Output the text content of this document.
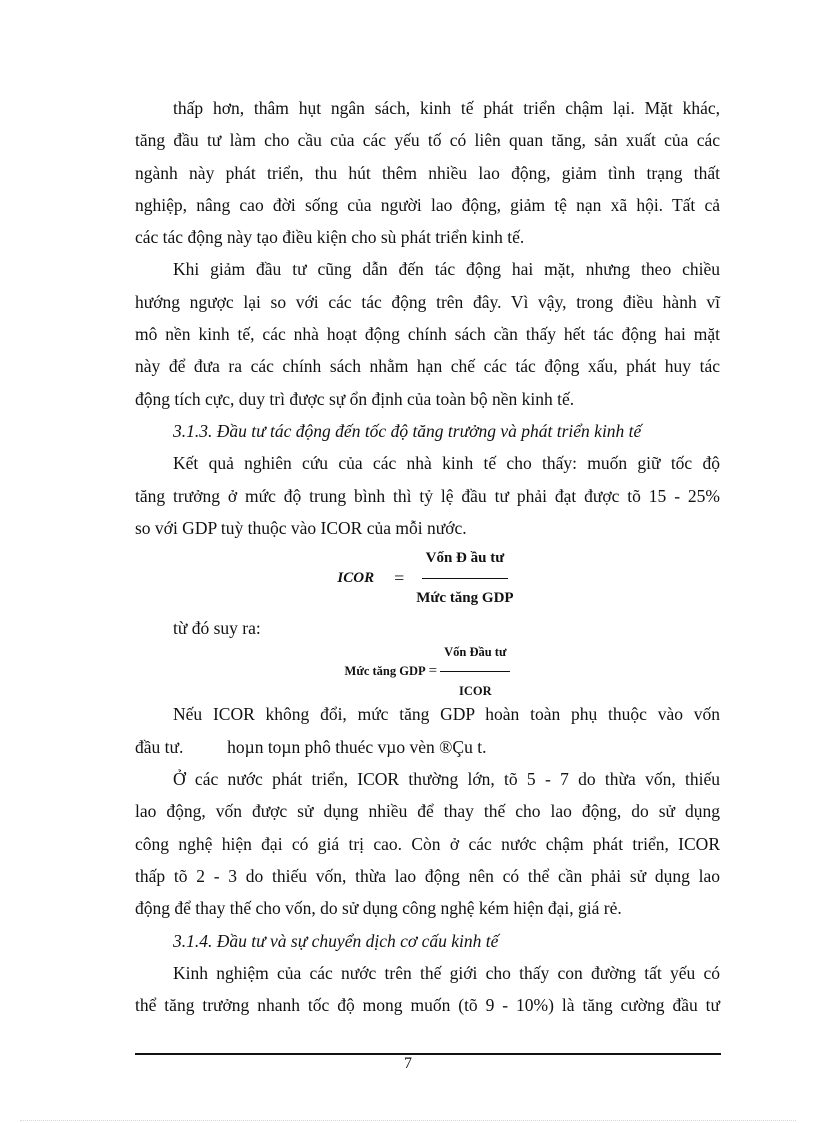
thấp hơn, thâm hụt ngân sách, kinh tế phát triển chậm lại. Mặt khác,
tăng đầu tư làm cho cầu của các yếu tố có liên quan tăng, sản xuất của các
ngành này phát triển, thu hút thêm nhiều lao động, giảm tình trạng thất
nghiệp, nâng cao đời sống của người lao động, giảm tệ nạn xã hội. Tất cả
các tác động này tạo điều kiện cho sù phát triển kinh tế.
Khi giảm đầu tư cũng dẫn đến tác động hai mặt, nhưng theo chiều
hướng ngược lại so với các tác động trên đây. Vì vậy, trong điều hành vĩ
mô nền kinh tế, các nhà hoạt động chính sách cần thấy hết tác động hai mặt
này để đưa ra các chính sách nhằm hạn chế các tác động xấu, phát huy tác
động tích cực, duy trì được sự ổn định của toàn bộ nền kinh tế.
3.1.3. Đầu tư tác động đến tốc độ tăng trưởng và phát triển kinh tế
Kết quả nghiên cứu của các nhà kinh tế cho thấy: muốn giữ tốc độ
tăng trưởng ở mức độ trung bình thì tỷ lệ đầu tư phải đạt được tõ 15 - 25%
so với GDP tuỳ thuộc vào ICOR của mỗi nước.
ICOR = $\frac{\text{Vốn Đ ầu tư}}{\text{Mức tăng GDP}}$
từ đó suy ra:
Mức tăng GDP = $\frac{\text{Vốn Đầu tư}}{\text{ICOR}}$
Nếu ICOR không đổi, mức tăng GDP hoàn toàn phụ thuộc vào vốn
đầu tư.          hoµn toµn phô thuéc vµo vèn ®Çu t.
Ở các nước phát triển, ICOR thường lớn, tõ 5 - 7 do thừa vốn, thiếu
lao động, vốn được sử dụng nhiều để thay thế cho lao động, do sử dụng
công nghệ hiện đại có giá trị cao. Còn ở các nước chậm phát triển, ICOR
thấp tõ 2 - 3 do thiếu vốn, thừa lao động nên có thể cần phải sử dụng lao
động để thay thế cho vốn, do sử dụng công nghệ kém hiện đại, giá rẻ.
3.1.4. Đầu tư và sự chuyển dịch cơ cấu kinh tế
Kinh nghiệm của các nước trên thế giới cho thấy con đường tất yếu có
thể tăng trưởng nhanh tốc độ mong muốn (tõ 9 - 10%) là tăng cường đầu tư
7
